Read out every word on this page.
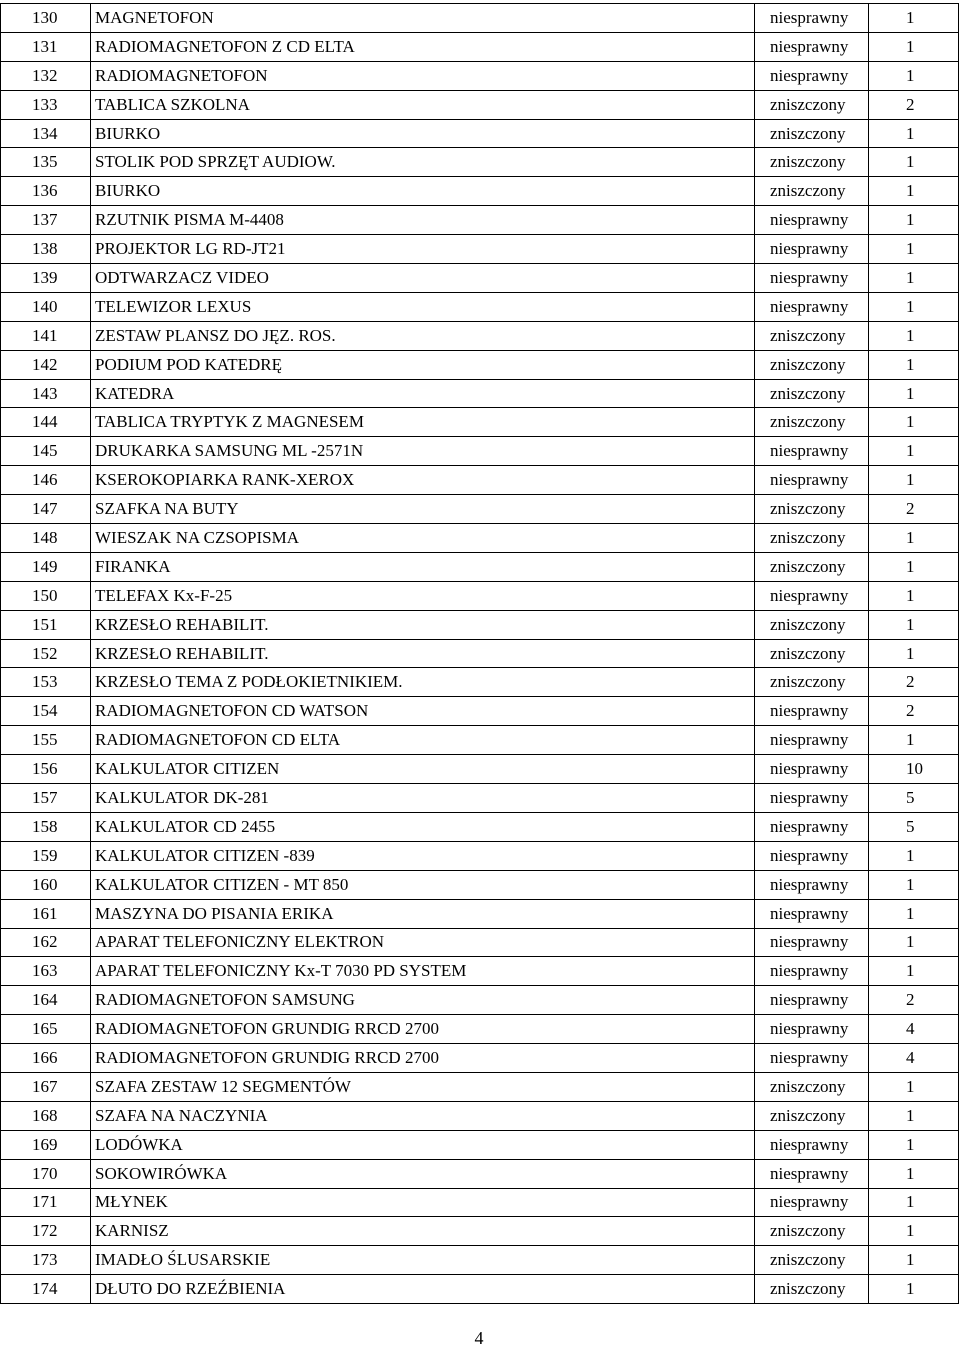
130	MAGNETOFON	niesprawny	1
131	RADIOMAGNETOFON Z CD ELTA	niesprawny	1
132	RADIOMAGNETOFON	niesprawny	1
133	TABLICA SZKOLNA	zniszczony	2
134	BIURKO	zniszczony	1
135	STOLIK POD SPRZĘT AUDIOW.	zniszczony	1
136	BIURKO	zniszczony	1
137	RZUTNIK PISMA M-4408	niesprawny	1
138	PROJEKTOR LG RD-JT21	niesprawny	1
139	ODTWARZACZ VIDEO	niesprawny	1
140	TELEWIZOR LEXUS	niesprawny	1
141	ZESTAW PLANSZ DO JĘZ. ROS.	zniszczony	1
142	PODIUM POD KATEDRĘ	zniszczony	1
143	KATEDRA	zniszczony	1
144	TABLICA TRYPTYK Z MAGNESEM	zniszczony	1
145	DRUKARKA SAMSUNG ML -2571N	niesprawny	1
146	KSEROKOPIARKA RANK-XEROX	niesprawny	1
147	SZAFKA NA BUTY	zniszczony	2
148	WIESZAK NA CZSOPISMA	zniszczony	1
149	FIRANKA	zniszczony	1
150	TELEFAX Kx-F-25	niesprawny	1
151	KRZESŁO REHABILIT.	zniszczony	1
152	KRZESŁO REHABILIT.	zniszczony	1
153	KRZESŁO TEMA Z PODŁOKIETNIKIEM.	zniszczony	2
154	RADIOMAGNETOFON CD WATSON	niesprawny	2
155	RADIOMAGNETOFON CD ELTA	niesprawny	1
156	KALKULATOR CITIZEN	niesprawny	10
157	KALKULATOR DK-281	niesprawny	5
158	KALKULATOR CD 2455	niesprawny	5
159	KALKULATOR CITIZEN -839	niesprawny	1
160	KALKULATOR CITIZEN - MT 850	niesprawny	1
161	MASZYNA DO PISANIA ERIKA	niesprawny	1
162	APARAT TELEFONICZNY ELEKTRON	niesprawny	1
163	APARAT TELEFONICZNY Kx-T 7030 PD SYSTEM	niesprawny	1
164	RADIOMAGNETOFON SAMSUNG	niesprawny	2
165	RADIOMAGNETOFON GRUNDIG RRCD 2700	niesprawny	4
166	RADIOMAGNETOFON GRUNDIG RRCD 2700	niesprawny	4
167	SZAFA ZESTAW 12 SEGMENTÓW	zniszczony	1
168	SZAFA NA NACZYNIA	zniszczony	1
169	LODÓWKA	niesprawny	1
170	SOKOWIRÓWKA	niesprawny	1
171	MŁYNEK	niesprawny	1
172	KARNISZ	zniszczony	1
173	IMADŁO ŚLUSARSKIE	zniszczony	1
174	DŁUTO DO RZEŹBIENIA	zniszczony	1
4
